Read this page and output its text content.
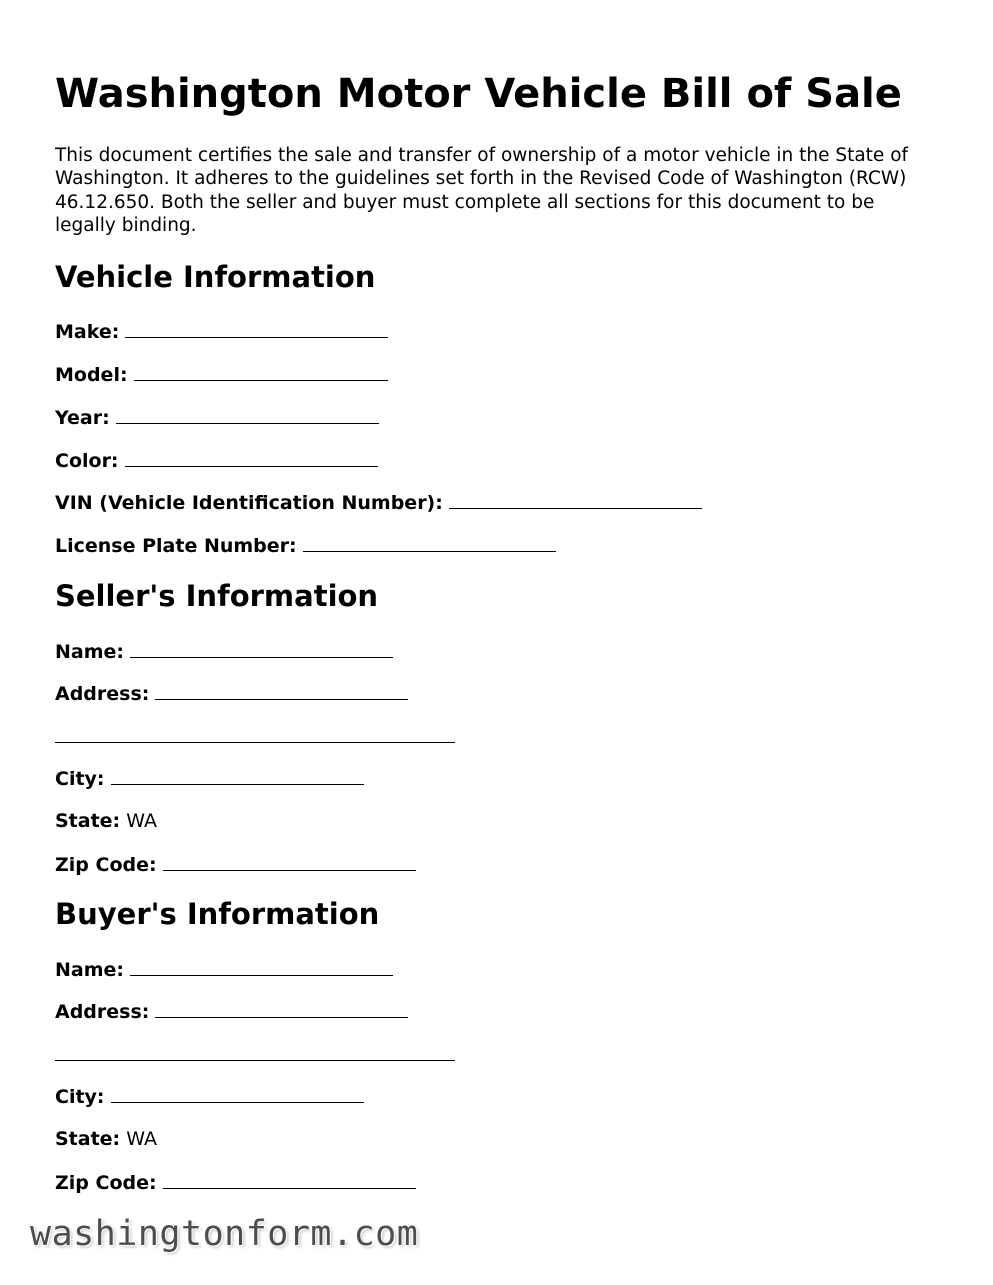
Washington Motor Vehicle Bill of Sale

This document certifies the sale and transfer of ownership of a motor vehicle in the State of Washington. It adheres to the guidelines set forth in the Revised Code of Washington (RCW) 46.12.650. Both the seller and buyer must complete all sections for this document to be legally binding.

Vehicle Information
Make:
Model:
Year:
Color:
VIN (Vehicle Identification Number):
License Plate Number:
Seller's Information
Name:
Address:
City:
State: WA
Zip Code:
Buyer's Information
Name:
Address:
City:
State: WA
Zip Code:
washingtonform.com
